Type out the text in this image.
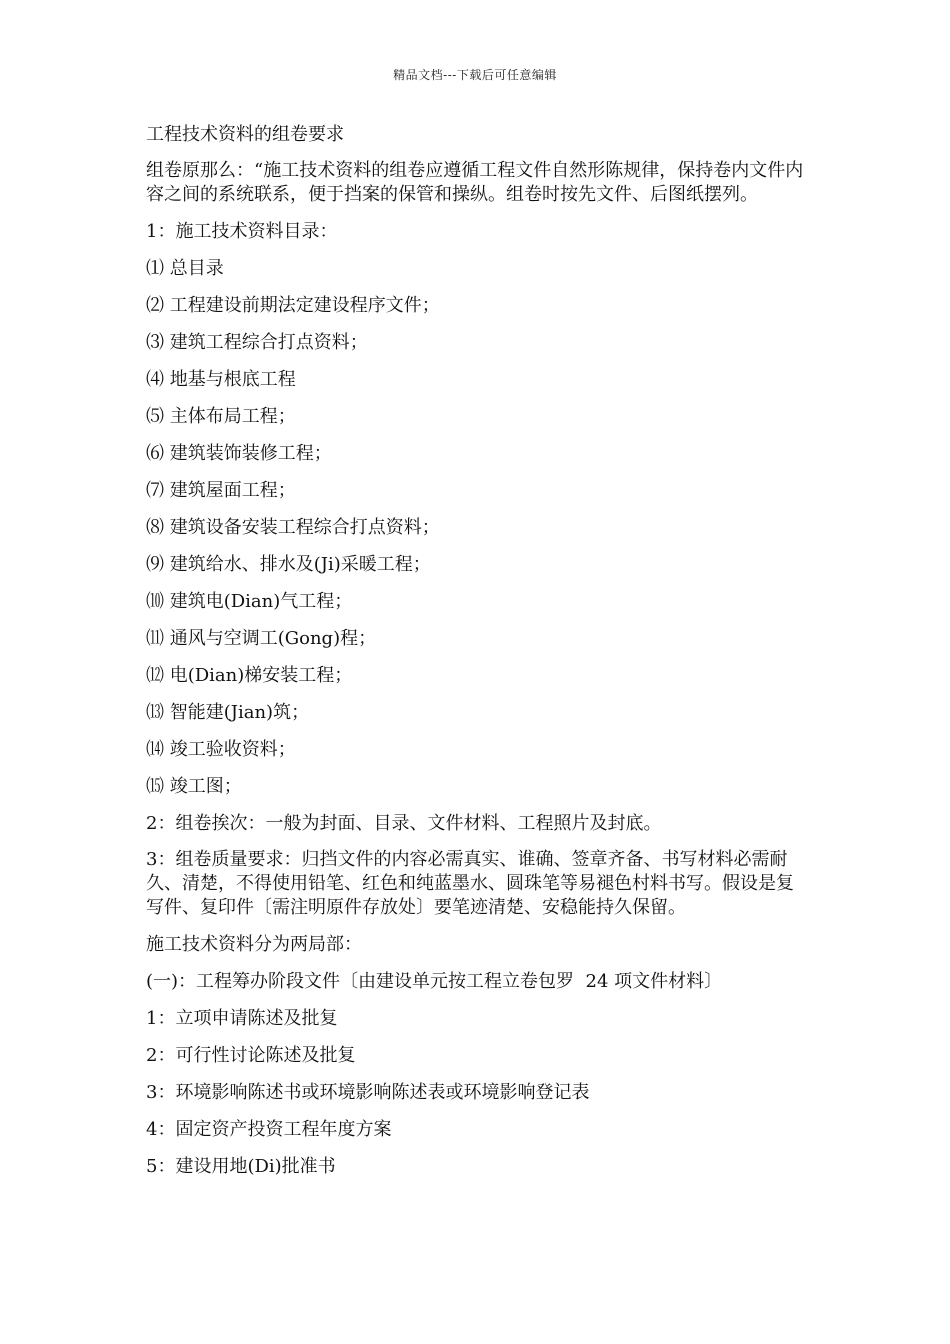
精品文档---下载后可任意编辑
工程技术资料的组卷要求
组卷原那么：“施工技术资料的组卷应遵循工程文件自然形陈规律，保持卷内文件内容之间的系统联系，便于挡案的保管和操纵。组卷时按先文件、后图纸摆列。
1：施工技术资料目录：
⑴ 总目录
⑵ 工程建设前期法定建设程序文件；
⑶ 建筑工程综合打点资料；
⑷ 地基与根底工程
⑸ 主体布局工程；
⑹ 建筑装饰装修工程；
⑺ 建筑屋面工程；
⑻ 建筑设备安装工程综合打点资料；
⑼ 建筑给水、排水及(Ji)采暖工程；
⑽ 建筑电(Dian)气工程；
⑾ 通风与空调工(Gong)程；
⑿ 电(Dian)梯安装工程；
⒀ 智能建(Jian)筑；
⒁ 竣工验收资料；
⒂ 竣工图；
2：组卷挨次：一般为封面、目录、文件材料、工程照片及封底。
3：组卷质量要求：归挡文件的内容必需真实、谁确、签章齐备、书写材料必需耐久、清楚，不得使用铅笔、红色和纯蓝墨水、圆珠笔等易褪色村料书写。假设是复写件、复印件〔需注明原件存放处〕要笔迹清楚、安稳能持久保留。
施工技术资料分为两局部：
(一)：工程筹办阶段文件〔由建设单元按工程立卷包罗  24 项文件材料〕
1：立项申请陈述及批复
2：可行性讨论陈述及批复
3：环境影响陈述书或环境影响陈述表或环境影响登记表
4：固定资产投资工程年度方案
5：建设用地(Di)批准书
